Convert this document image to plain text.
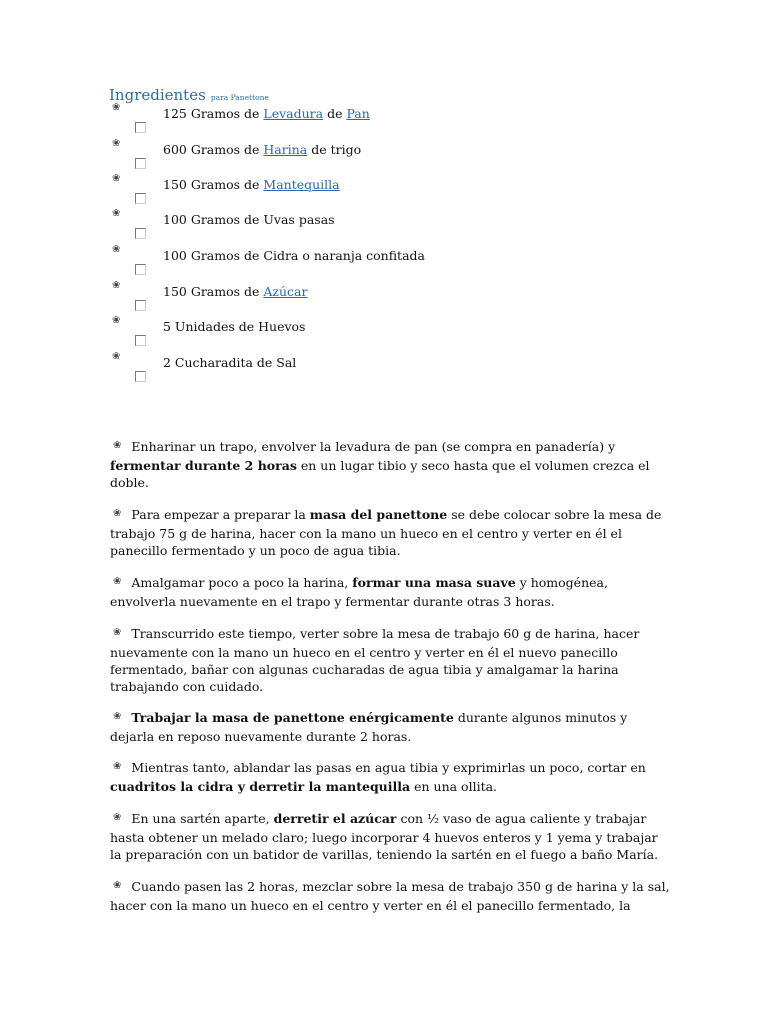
Ingredientes para Panettone
❀	125 Gramos de Levadura de Pan
❀	600 Gramos de Harina de trigo
❀	150 Gramos de Mantequilla
❀	100 Gramos de Uvas pasas
❀	100 Gramos de Cidra o naranja confitada
❀	150 Gramos de Azúcar
❀	5 Unidades de Huevos
❀	2 Cucharadita de Sal
❀ Enharinar un trapo, envolver la levadura de pan (se compra en panadería) y fermentar durante 2 horas en un lugar tibio y seco hasta que el volumen crezca el doble.
❀ Para empezar a preparar la masa del panettone se debe colocar sobre la mesa de trabajo 75 g de harina, hacer con la mano un hueco en el centro y verter en él el panecillo fermentado y un poco de agua tibia.
❀ Amalgamar poco a poco la harina, formar una masa suave y homogénea, envolverla nuevamente en el trapo y fermentar durante otras 3 horas.
❀ Transcurrido este tiempo, verter sobre la mesa de trabajo 60 g de harina, hacer nuevamente con la mano un hueco en el centro y verter en él el nuevo panecillo fermentado, bañar con algunas cucharadas de agua tibia y amalgamar la harina trabajando con cuidado.
❀ Trabajar la masa de panettone enérgicamente durante algunos minutos y dejarla en reposo nuevamente durante 2 horas.
❀ Mientras tanto, ablandar las pasas en agua tibia y exprimirlas un poco, cortar en cuadritos la cidra y derretir la mantequilla en una ollita.
❀ En una sartén aparte, derretir el azúcar con ½ vaso de agua caliente y trabajar hasta obtener un melado claro; luego incorporar 4 huevos enteros y 1 yema y trabajar la preparación con un batidor de varillas, teniendo la sartén en el fuego a baño María.
❀ Cuando pasen las 2 horas, mezclar sobre la mesa de trabajo 350 g de harina y la sal, hacer con la mano un hueco en el centro y verter en él el panecillo fermentado, la
